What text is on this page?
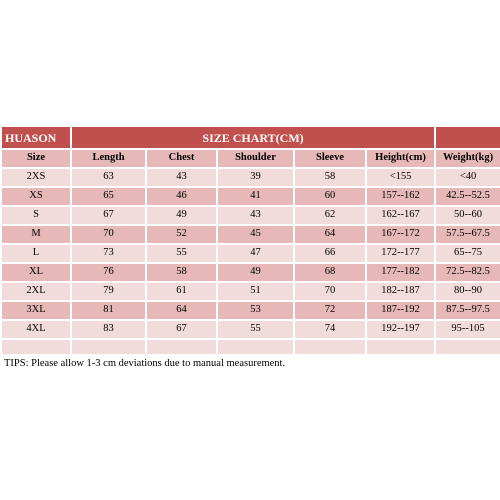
HUASON	SIZE CHART(CM)					
Size	Length	Chest	Shoulder	Sleeve	Height(cm)	Weight(kg)
2XS	63	43	39	58	<155	<40
XS	65	46	41	60	157--162	42.5--52.5
S	67	49	43	62	162--167	50--60
M	70	52	45	64	167--172	57.5--67.5
L	73	55	47	66	172--177	65--75
XL	76	58	49	68	177--182	72.5--82.5
2XL	79	61	51	70	182--187	80--90
3XL	81	64	53	72	187--192	87.5--97.5
4XL	83	67	55	74	192--197	95--105

TIPS: Please allow 1-3 cm deviations due to manual measurement.						
